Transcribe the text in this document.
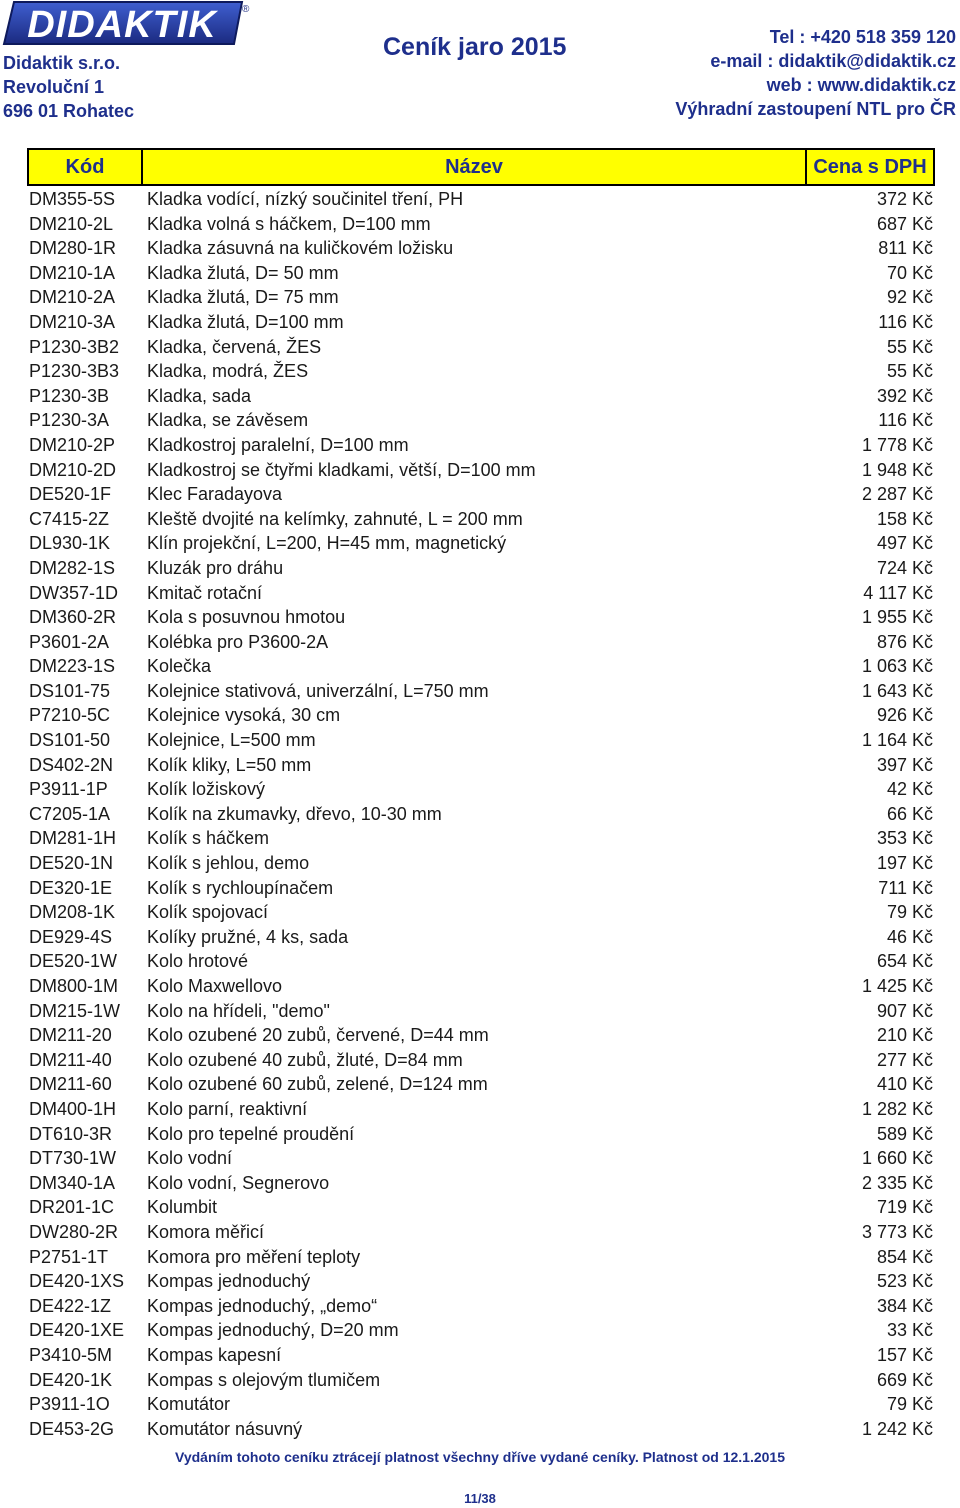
DIDAKTIK	®
Didaktik s.r.o.
Revoluční 1
696 01 Rohatec
Ceník jaro 2015	Tel : +420 518 359 120
e-mail : didaktik@didaktik.cz
web : www.didaktik.cz
Výhradní zastoupení NTL pro ČR
Kód	Název	Cena s DPH
DM355-5S	Kladka vodící, nízký součinitel tření, PH	372 Kč
DM210-2L	Kladka volná s háčkem, D=100 mm	687 Kč
DM280-1R	Kladka zásuvná na kuličkovém ložisku	811 Kč
DM210-1A	Kladka žlutá, D= 50 mm	70 Kč
DM210-2A	Kladka žlutá, D= 75 mm	92 Kč
DM210-3A	Kladka žlutá, D=100 mm	116 Kč
P1230-3B2	Kladka, červená, ŽES	55 Kč
P1230-3B3	Kladka, modrá, ŽES	55 Kč
P1230-3B	Kladka, sada	392 Kč
P1230-3A	Kladka, se závěsem	116 Kč
DM210-2P	Kladkostroj paralelní, D=100 mm	1 778 Kč
DM210-2D	Kladkostroj se čtyřmi kladkami, větší, D=100 mm	1 948 Kč
DE520-1F	Klec Faradayova	2 287 Kč
C7415-2Z	Kleště dvojité na kelímky, zahnuté, L = 200 mm	158 Kč
DL930-1K	Klín projekční, L=200, H=45 mm, magnetický	497 Kč
DM282-1S	Kluzák pro dráhu	724 Kč
DW357-1D	Kmitač rotační	4 117 Kč
DM360-2R	Kola s posuvnou hmotou	1 955 Kč
P3601-2A	Kolébka pro P3600-2A	876 Kč
DM223-1S	Kolečka	1 063 Kč
DS101-75	Kolejnice stativová, univerzální, L=750 mm	1 643 Kč
P7210-5C	Kolejnice vysoká, 30 cm	926 Kč
DS101-50	Kolejnice, L=500 mm	1 164 Kč
DS402-2N	Kolík kliky, L=50 mm	397 Kč
P3911-1P	Kolík ložiskový	42 Kč
C7205-1A	Kolík na zkumavky, dřevo, 10-30 mm	66 Kč
DM281-1H	Kolík s háčkem	353 Kč
DE520-1N	Kolík s jehlou, demo	197 Kč
DE320-1E	Kolík s rychloupínačem	711 Kč
DM208-1K	Kolík spojovací	79 Kč
DE929-4S	Kolíky pružné, 4 ks, sada	46 Kč
DE520-1W	Kolo hrotové	654 Kč
DM800-1M	Kolo Maxwellovo	1 425 Kč
DM215-1W	Kolo na hřídeli, "demo"	907 Kč
DM211-20	Kolo ozubené 20 zubů, červené, D=44 mm	210 Kč
DM211-40	Kolo ozubené 40 zubů, žluté, D=84 mm	277 Kč
DM211-60	Kolo ozubené 60 zubů, zelené, D=124 mm	410 Kč
DM400-1H	Kolo parní, reaktivní	1 282 Kč
DT610-3R	Kolo pro tepelné proudění	589 Kč
DT730-1W	Kolo vodní	1 660 Kč
DM340-1A	Kolo vodní, Segnerovo	2 335 Kč
DR201-1C	Kolumbit	719 Kč
DW280-2R	Komora měřicí	3 773 Kč
P2751-1T	Komora pro měření teploty	854 Kč
DE420-1XS	Kompas jednoduchý	523 Kč
DE422-1Z	Kompas jednoduchý, „demo“	384 Kč
DE420-1XE	Kompas jednoduchý, D=20 mm	33 Kč
P3410-5M	Kompas kapesní	157 Kč
DE420-1K	Kompas s olejovým tlumičem	669 Kč
P3911-1O	Komutátor	79 Kč
DE453-2G	Komutátor násuvný	1 242 Kč
Vydáním tohoto ceníku ztrácejí platnost všechny dříve vydané ceníky. Platnost od 12.1.2015
11/38
